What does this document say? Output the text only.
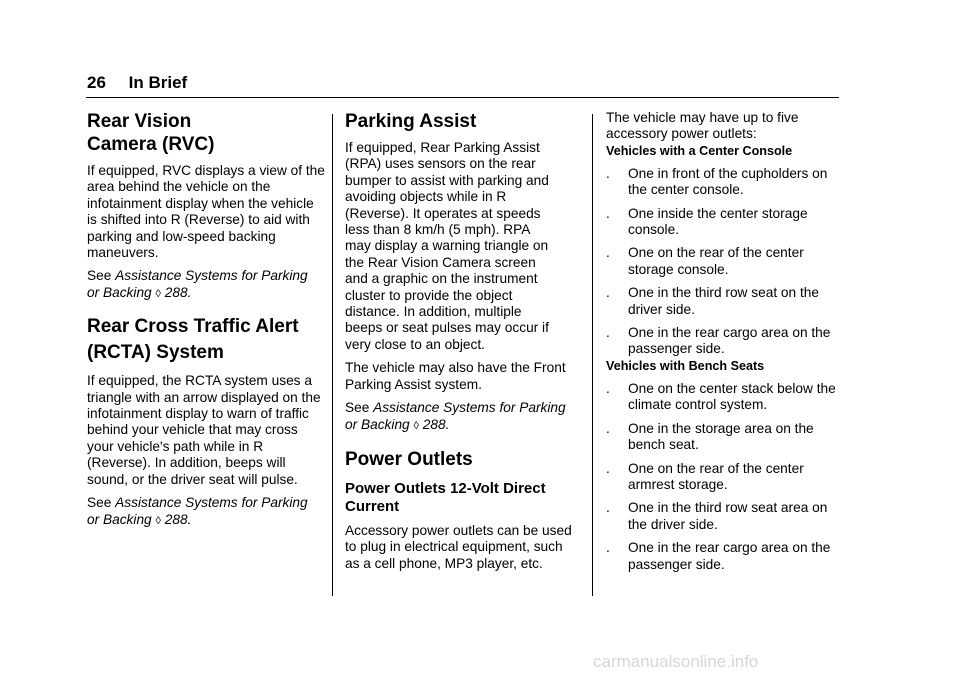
26 In Brief
Rear Vision
Camera (RVC)

If equipped, RVC displays a view of the area behind the vehicle on the infotainment display when the vehicle is shifted into R (Reverse) to aid with parking and low-speed backing maneuvers.

See Assistance Systems for Parking
or Backing ◊ 288.

Rear Cross Traffic Alert
(RCTA) System

If equipped, the RCTA system uses a triangle with an arrow displayed on the infotainment display to warn of traffic behind your vehicle that may cross your vehicle's path while in R (Reverse). In addition, beeps will sound, or the driver seat will pulse.

See Assistance Systems for Parking
or Backing ◊ 288.

Parking Assist

If equipped, Rear Parking Assist (RPA) uses sensors on the rear bumper to assist with parking and avoiding objects while in R (Reverse). It operates at speeds less than 8 km/h (5 mph). RPA may display a warning triangle on the Rear Vision Camera screen and a graphic on the instrument cluster to provide the object distance. In addition, multiple beeps or seat pulses may occur if very close to an object.

The vehicle may also have the Front Parking Assist system.

See Assistance Systems for Parking
or Backing ◊ 288.

Power Outlets
Power Outlets 12-Volt Direct
Current

Accessory power outlets can be used to plug in electrical equipment, such as a cell phone, MP3 player, etc.

The vehicle may have up to five accessory power outlets:

Vehicles with a Center Console
.	One in front of the cupholders on the center console.
.	One inside the center storage console.
.	One on the rear of the center storage console.
.	One in the third row seat on the driver side.
.	One in the rear cargo area on the passenger side.
Vehicles with Bench Seats
.	One on the center stack below the climate control system.
.	One in the storage area on the bench seat.
.	One on the rear of the center armrest storage.
.	One in the third row seat area on the driver side.
.	One in the rear cargo area on the passenger side.
carmanualsonline.info
